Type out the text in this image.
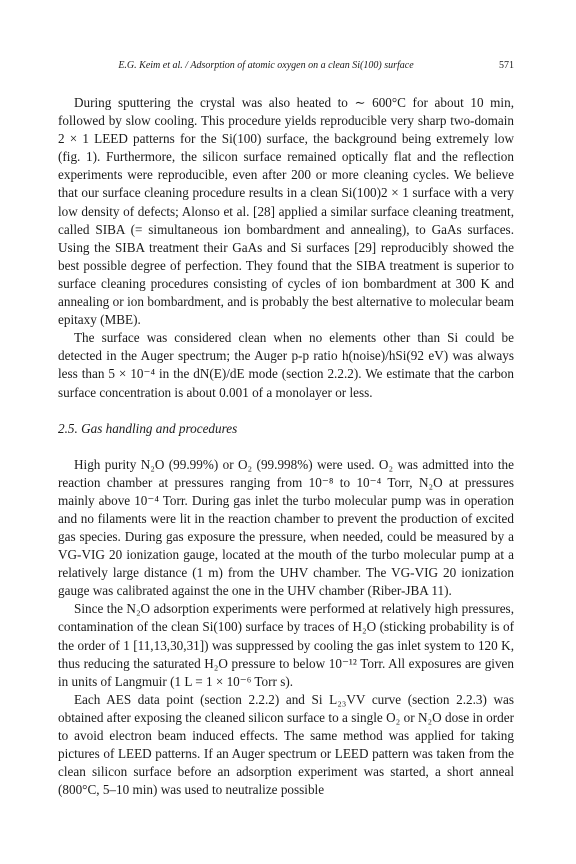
E.G. Keim et al. / Adsorption of atomic oxygen on a clean Si(100) surface	571

During sputtering the crystal was also heated to ∼ 600°C for about 10 min, followed by slow cooling. This procedure yields reproducible very sharp two-domain 2 × 1 LEED patterns for the Si(100) surface, the background being extremely low (fig. 1). Furthermore, the silicon surface remained optically flat and the reflection experiments were reproducible, even after 200 or more cleaning cycles. We believe that our surface cleaning procedure results in a clean Si(100)2 × 1 surface with a very low density of defects; Alonso et al. [28] applied a similar surface cleaning treatment, called SIBA (= simultaneous ion bombardment and annealing), to GaAs surfaces. Using the SIBA treatment their GaAs and Si surfaces [29] reproducibly showed the best possible degree of perfection. They found that the SIBA treatment is superior to surface cleaning procedures consisting of cycles of ion bombardment at 300 K and annealing or ion bombardment, and is probably the best alternative to molecular beam epitaxy (MBE).

The surface was considered clean when no elements other than Si could be detected in the Auger spectrum; the Auger p-p ratio h(noise)/hSi(92 eV) was always less than 5 × 10⁻⁴ in the dN(E)/dE mode (section 2.2.2). We estimate that the carbon surface concentration is about 0.001 of a monolayer or less.

2.5. Gas handling and procedures

High purity N₂O (99.99%) or O₂ (99.998%) were used. O₂ was admitted into the reaction chamber at pressures ranging from 10⁻⁸ to 10⁻⁴ Torr, N₂O at pressures mainly above 10⁻⁴ Torr. During gas inlet the turbo molecular pump was in operation and no filaments were lit in the reaction chamber to prevent the production of excited gas species. During gas exposure the pressure, when needed, could be measured by a VG-VIG 20 ionization gauge, located at the mouth of the turbo molecular pump at a relatively large distance (1 m) from the UHV chamber. The VG-VIG 20 ionization gauge was calibrated against the one in the UHV chamber (Riber-JBA 11).

Since the N₂O adsorption experiments were performed at relatively high pressures, contamination of the clean Si(100) surface by traces of H₂O (sticking probability is of the order of 1 [11,13,30,31]) was suppressed by cooling the gas inlet system to 120 K, thus reducing the saturated H₂O pressure to below 10⁻¹² Torr. All exposures are given in units of Langmuir (1 L = 1 × 10⁻⁶ Torr s).

Each AES data point (section 2.2.2) and Si L₂₃VV curve (section 2.2.3) was obtained after exposing the cleaned silicon surface to a single O₂ or N₂O dose in order to avoid electron beam induced effects. The same method was applied for taking pictures of LEED patterns. If an Auger spectrum or LEED pattern was taken from the clean silicon surface before an adsorption experiment was started, a short anneal (800°C, 5–10 min) was used to neutralize possible
